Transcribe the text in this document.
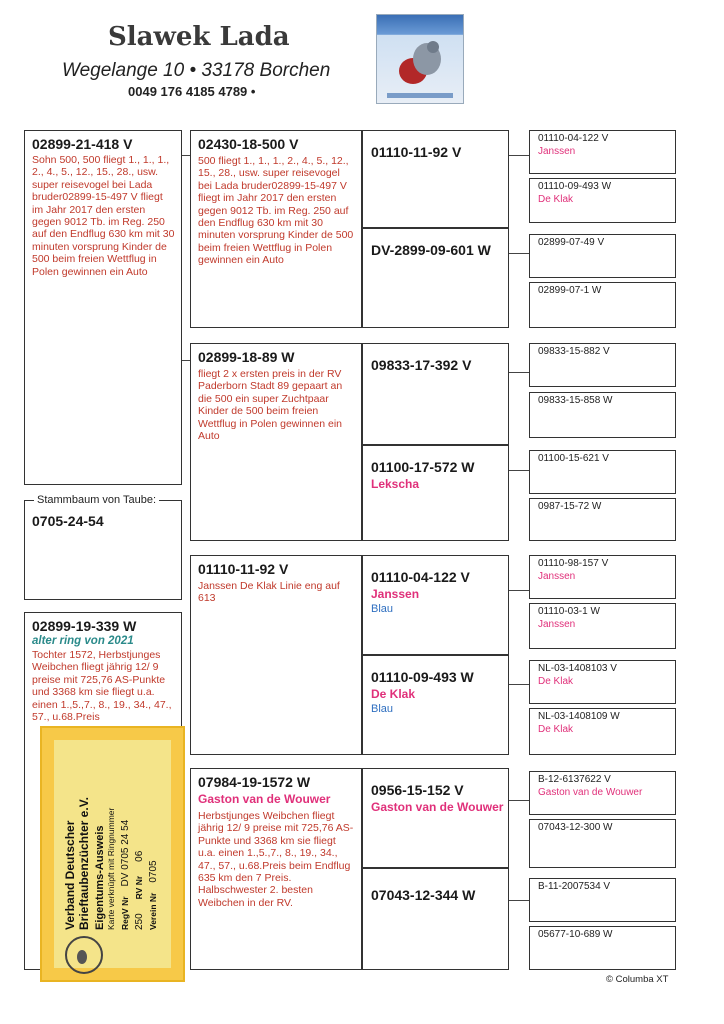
Slawek Lada
Wegelange 10 • 33178 Borchen
0049 176 4185 4789 •
02899-21-418 V
Sohn 500, 500 fliegt 1., 1., 1., 2., 4., 5., 12., 15., 28., usw. super reisevogel bei Lada bruder02899-15-497 V fliegt im Jahr 2017 den ersten gegen 9012 Tb. im Reg. 250 auf den Endflug 630 km mit 30 minuten vorsprung Kinder de 500 beim freien Wettflug in Polen gewinnen ein Auto
Stammbaum von Taube:
0705-24-54
02899-19-339 W
alter ring von 2021
Tochter 1572, Herbstjunges Weibchen fliegt jährig 12/ 9 preise mit 725,76 AS-Punkte und 3368 km sie fliegt u.a. einen 1.,5.,7., 8., 19., 34., 47., 57., u.68.Preis
02430-18-500 V
500 fliegt 1., 1., 1., 2., 4., 5., 12., 15., 28., usw. super reisevogel bei Lada bruder02899-15-497 V fliegt im Jahr 2017 den ersten gegen 9012 Tb. im Reg. 250 auf den Endflug 630 km mit 30 minuten vorsprung Kinder de 500 beim freien Wettflug in Polen gewinnen ein Auto
02899-18-89 W
fliegt 2 x ersten preis in der RV Paderborn Stadt 89 gepaart an die 500 ein super Zuchtpaar Kinder de 500 beim freien Wettflug in Polen gewinnen ein Auto
01110-11-92 V
Janssen De Klak Linie eng auf 613
07984-19-1572 W
Gaston van de Wouwer
Herbstjunges Weibchen fliegt jährig 12/ 9 preise mit 725,76 AS-Punkte und 3368 km sie fliegt u.a. einen 1.,5.,7., 8., 19., 34., 47., 57., u.68.Preis beim Endflug 635 km den 7 Preis. Halbschwester 2. besten Weibchen in der RV.
01110-11-92 V
DV-2899-09-601 W
09833-17-392 V
01100-17-572 W
Lekscha
01110-04-122 V
Janssen
Blau
01110-09-493 W
De Klak
Blau
0956-15-152 V
Gaston van de Wouwer
07043-12-344 W
01110-04-122 V
Janssen
01110-09-493 W
De Klak
02899-07-49 V
02899-07-1 W
09833-15-882 V
09833-15-858 W
01100-15-621 V
0987-15-72 W
01110-98-157 V
Janssen
01110-03-1 W
Janssen
NL-03-1408103 V
De Klak
NL-03-1408109 W
De Klak
B-12-6137622 V
Gaston van de Wouwer
07043-12-300 W
B-11-2007534 V
05677-10-689 W
Verband Deutscher Brieftaubenzüchter e.V. Eigentums-Ausweis Karte verknüpft mit Ringnummer RegV Nr
DV 0705 24 54
250
RV Nr
06
Verein Nr
0705
© Columba XT
